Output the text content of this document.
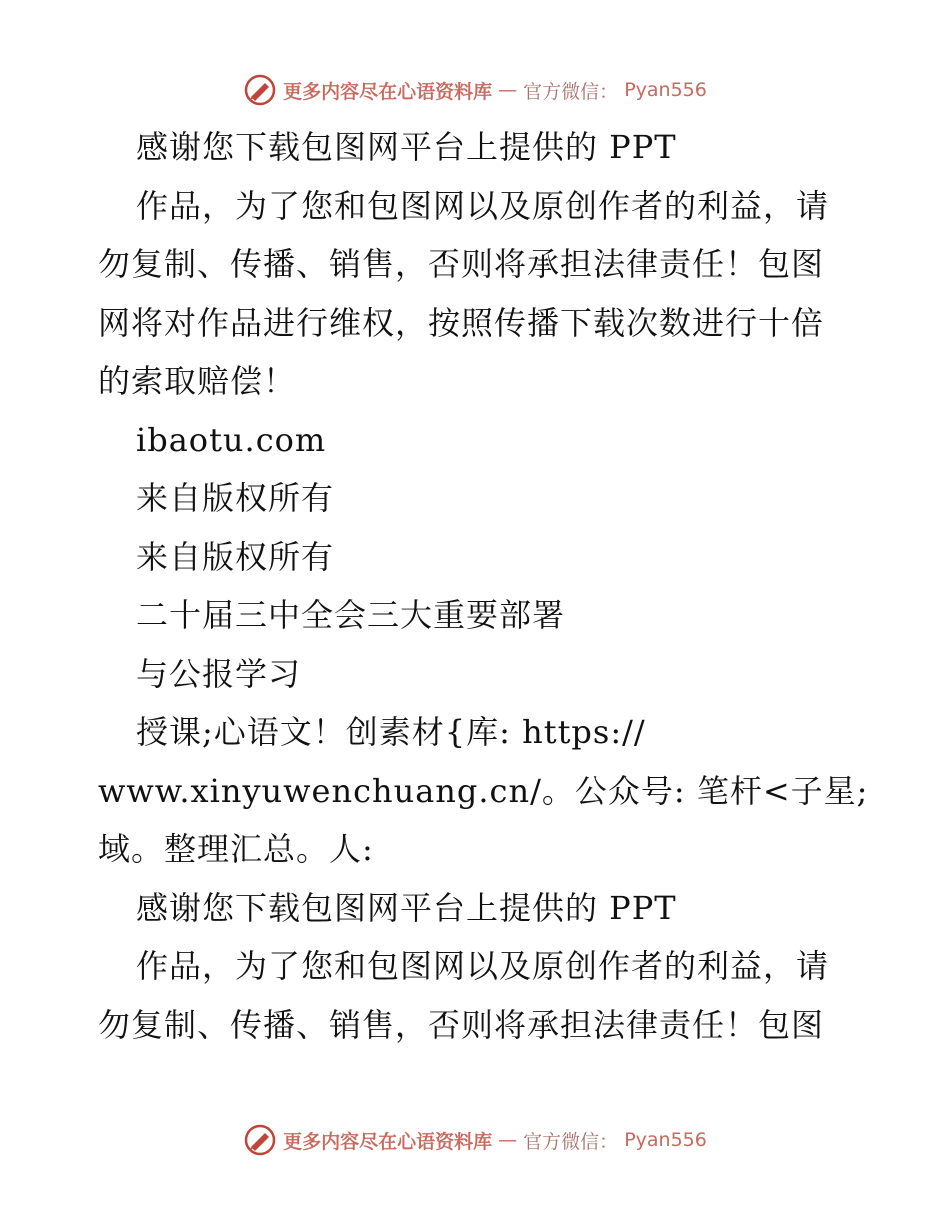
更多内容尽在心语资料库 — 官方微信： Pyan556
感谢您下载包图网平台上提供的 PPT
作品，为了您和包图网以及原创作者的利益，请
勿复制、传播、销售，否则将承担法律责任！包图
网将对作品进行维权，按照传播下载次数进行十倍
的索取赔偿！
ibaotu.com
来自版权所有
来自版权所有
二十届三中全会三大重要部署
与公报学习
授课;心语文！创素材{库: https://
www.xinyuwenchuang.cn/。公众号: 笔杆<子星;
域。整理汇总。人:
感谢您下载包图网平台上提供的 PPT
作品，为了您和包图网以及原创作者的利益，请
勿复制、传播、销售，否则将承担法律责任！包图
更多内容尽在心语资料库 — 官方微信： Pyan556
